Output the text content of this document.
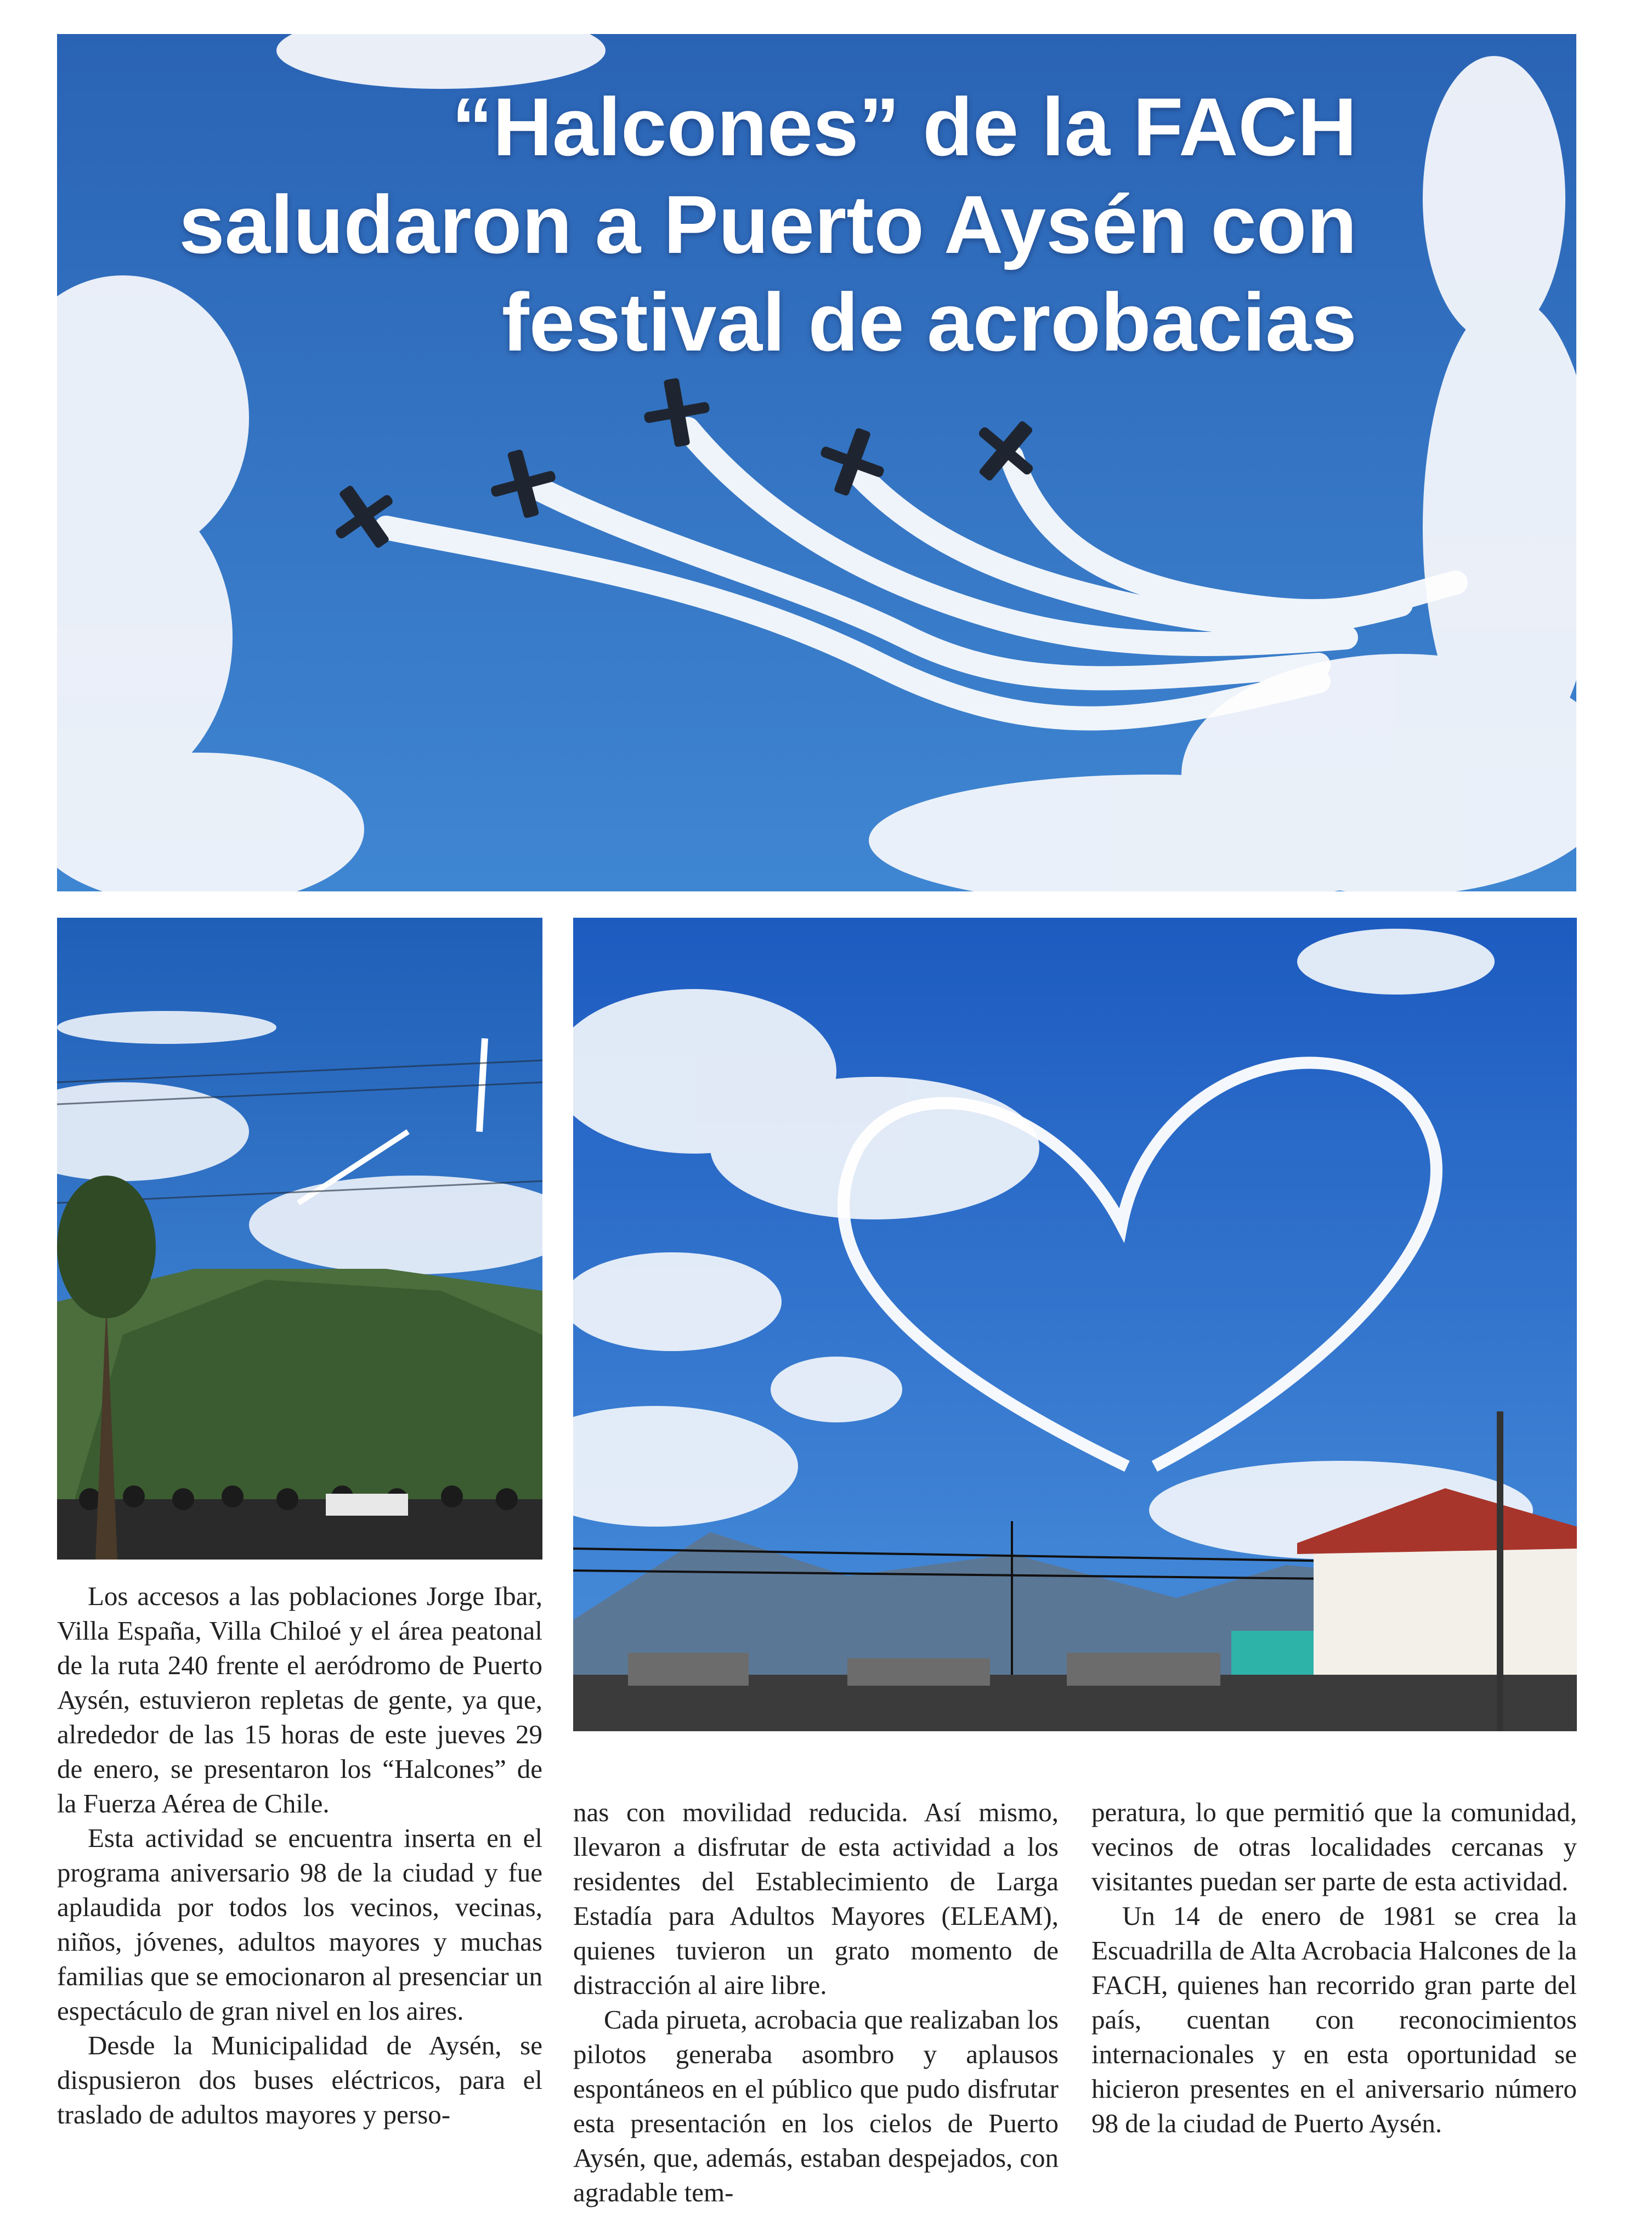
“Halcones” de la FACH
saludaron a Puerto Aysén con
festival de acrobacias

Los accesos a las poblaciones Jorge Ibar, Villa España, Villa Chiloé y el área peatonal de la ruta 240 frente el aeródromo de Puerto Aysén, estuvieron repletas de gente, ya que, alrededor de las 15 horas de este jueves 29 de enero, se presentaron los “Halcones” de la Fuerza Aérea de Chile.

Esta actividad se encuentra inserta en el programa aniversario 98 de la ciudad y fue aplaudida por todos los vecinos, vecinas, niños, jóvenes, adultos mayores y muchas familias que se emocionaron al presenciar un espectáculo de gran nivel en los aires.

Desde la Municipalidad de Aysén, se dispusieron dos buses eléctricos, para el traslado de adultos mayores y perso-

nas con movilidad reducida. Así mismo, llevaron a disfrutar de esta actividad a los residentes del Establecimiento de Larga Estadía para Adultos Mayores (ELEAM), quienes tuvieron un grato momento de distracción al aire libre.

Cada pirueta, acrobacia que realizaban los pilotos generaba asombro y aplausos espontáneos en el público que pudo disfrutar esta presentación en los cielos de Puerto Aysén, que, además, estaban despejados, con agradable tem-

peratura, lo que permitió que la comunidad, vecinos de otras localidades cercanas y visitantes puedan ser parte de esta actividad.

Un 14 de enero de 1981 se crea la Escuadrilla de Alta Acrobacia Halcones de la FACH, quienes han recorrido gran parte del país, cuentan con reconocimientos internacionales y en esta oportunidad se hicieron presentes en el aniversario número 98 de la ciudad de Puerto Aysén.
